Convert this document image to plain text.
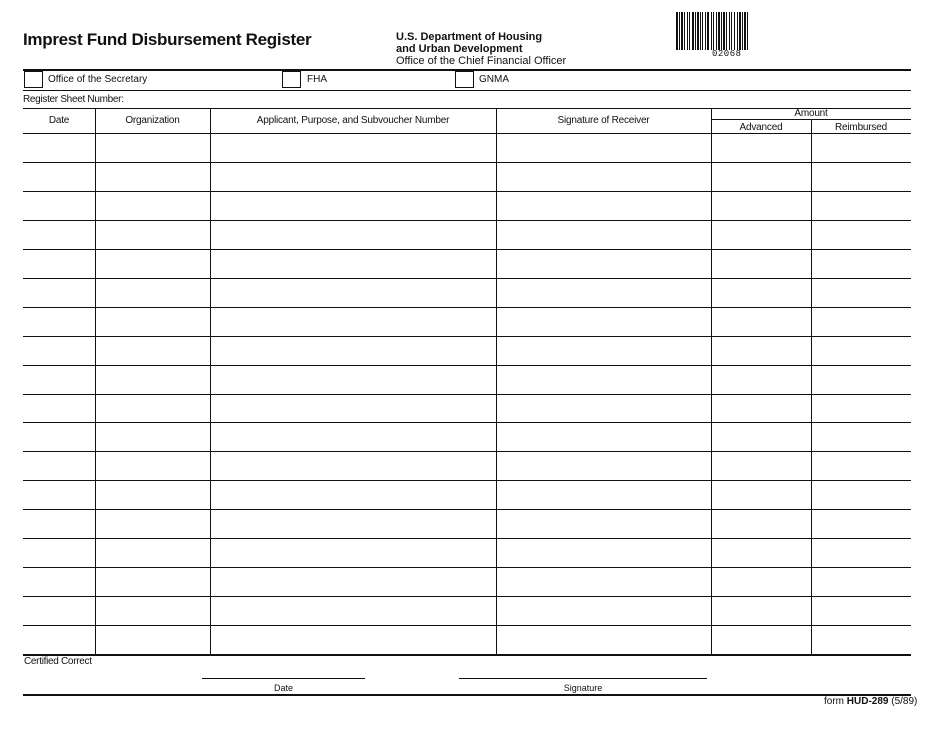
Imprest Fund Disbursement Register	U.S. Department of Housing
and Urban Development
Office of the Chief Financial Officer
02068
Office of the Secretary	FHA	GNMA
Register Sheet Number:
Date	Organization	Applicant, Purpose, and Subvoucher Number	Signature of Receiver
Amount
Advanced	Reimbursed
Certified Correct
Date	Signature
form HUD-289 (5/89)
